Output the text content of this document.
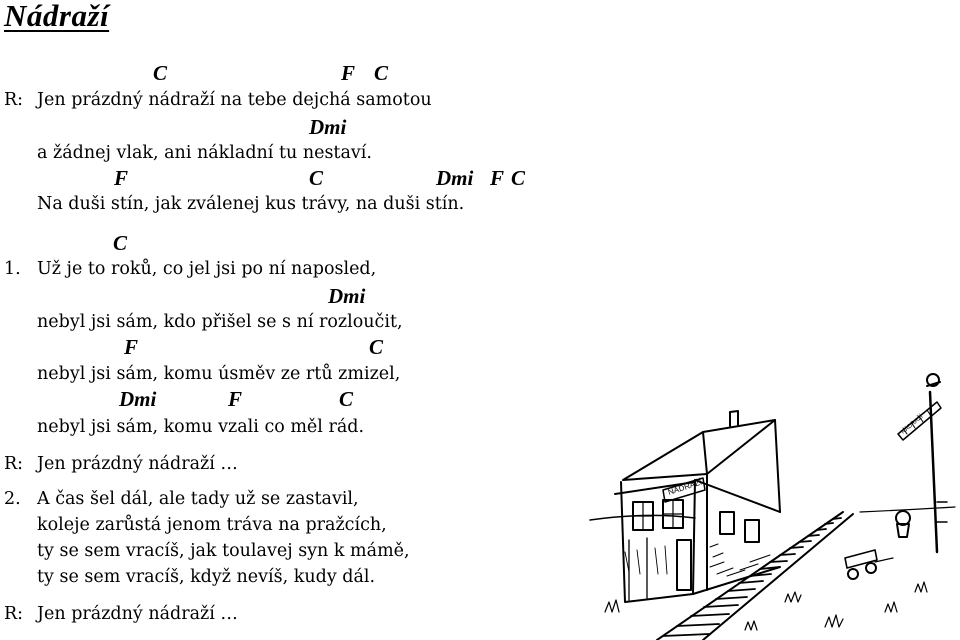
Nádraží
C	F C
R: Jen prázdný nádraží na tebe dejchá samotou
Dmi
a žádnej vlak, ani nákladní tu nestaví.
F	C	Dmi F C
Na duši stín, jak zválenej kus trávy, na duši stín.
C
1. Už je to roků, co jel jsi po ní naposled,
Dmi
nebyl jsi sám, kdo přišel se s ní rozloučit,
F	C
nebyl jsi sám, komu úsměv ze rtů zmizel,
Dmi	F	C
nebyl jsi sám, komu vzali co měl rád.
R: Jen prázdný nádraží …
2. A čas šel dál, ale tady už se zastavil,
koleje zarůstá jenom tráva na pražcích,
ty se sem vracíš, jak toulavej syn k mámě,
ty se sem vracíš, když nevíš, kudy dál.
R: Jen prázdný nádraží …
NÁDRAŽÍ
NÁDRAŽÍ
